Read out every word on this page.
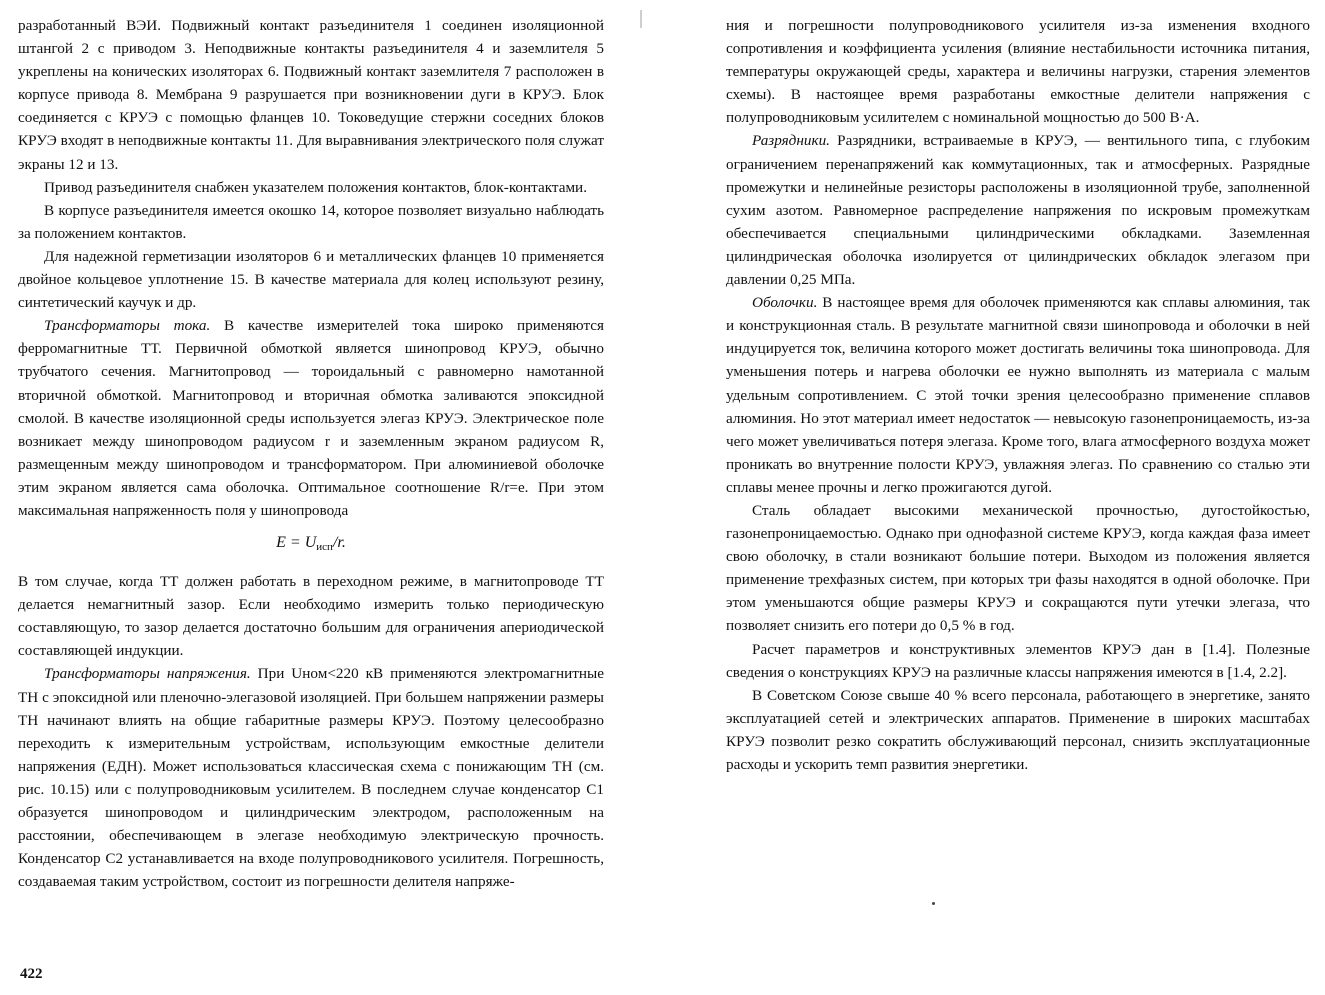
разработанный ВЭИ. Подвижный контакт разъединителя 1 соединен изоляционной штангой 2 с приводом 3. Неподвижные контакты разъединителя 4 и заземлителя 5 укреплены на конических изоляторах 6. Подвижный контакт заземлителя 7 расположен в корпусе привода 8. Мембрана 9 разрушается при возникновении дуги в КРУЭ. Блок соединяется с КРУЭ с помощью фланцев 10. Токоведущие стержни соседних блоков КРУЭ входят в неподвижные контакты 11. Для выравнивания электрического поля служат экраны 12 и 13.

Привод разъединителя снабжен указателем положения контактов, блок-контактами.

В корпусе разъединителя имеется окошко 14, которое позволяет визуально наблюдать за положением контактов.

Для надежной герметизации изоляторов 6 и металлических фланцев 10 применяется двойное кольцевое уплотнение 15. В качестве материала для колец используют резину, синтетический каучук и др.

Трансформаторы тока. В качестве измерителей тока широко применяются ферромагнитные ТТ. Первичной обмоткой является шинопровод КРУЭ, обычно трубчатого сечения. Магнитопровод — тороидальный с равномерно намотанной вторичной обмоткой. Магнитопровод и вторичная обмотка заливаются эпоксидной смолой. В качестве изоляционной среды используется элегаз КРУЭ. Электрическое поле возникает между шинопроводом радиусом r и заземленным экраном радиусом R, размещенным между шинопроводом и трансформатором. При алюминиевой оболочке этим экраном является сама оболочка. Оптимальное соотношение R/r=e. При этом максимальная напряженность поля у шинопровода

$E = U_{исп}/r$.

В том случае, когда ТТ должен работать в переходном режиме, в магнитопроводе ТТ делается немагнитный зазор. Если необходимо измерить только периодическую составляющую, то зазор делается достаточно большим для ограничения апериодической составляющей индукции.

Трансформаторы напряжения. При Uном<220 кВ применяются электромагнитные ТН с эпоксидной или пленочно-элегазовой изоляцией. При большем напряжении размеры ТН начинают влиять на общие габаритные размеры КРУЭ. Поэтому целесообразно переходить к измерительным устройствам, использующим емкостные делители напряжения (ЕДН). Может использоваться классическая схема с понижающим ТН (см. рис. 10.15) или с полупроводниковым усилителем. В последнем случае конденсатор C1 образуется шинопроводом и цилиндрическим электродом, расположенным на расстоянии, обеспечивающем в элегазе необходимую электрическую прочность. Конденсатор C2 устанавливается на входе полупроводникового усилителя. Погрешность, создаваемая таким устройством, состоит из погрешности делителя напряже-

422

ния и погрешности полупроводникового усилителя из-за изменения входного сопротивления и коэффициента усиления (влияние нестабильности источника питания, температуры окружающей среды, характера и величины нагрузки, старения элементов схемы). В настоящее время разработаны емкостные делители напряжения с полупроводниковым усилителем с номинальной мощностью до 500 В·А.

Разрядники. Разрядники, встраиваемые в КРУЭ, — вентильного типа, с глубоким ограничением перенапряжений как коммутационных, так и атмосферных. Разрядные промежутки и нелинейные резисторы расположены в изоляционной трубе, заполненной сухим азотом. Равномерное распределение напряжения по искровым промежуткам обеспечивается специальными цилиндрическими обкладками. Заземленная цилиндрическая оболочка изолируется от цилиндрических обкладок элегазом при давлении 0,25 МПа.

Оболочки. В настоящее время для оболочек применяются как сплавы алюминия, так и конструкционная сталь. В результате магнитной связи шинопровода и оболочки в ней индуцируется ток, величина которого может достигать величины тока шинопровода. Для уменьшения потерь и нагрева оболочки ее нужно выполнять из материала с малым удельным сопротивлением. С этой точки зрения целесообразно применение сплавов алюминия. Но этот материал имеет недостаток — невысокую газонепроницаемость, из-за чего может увеличиваться потеря элегаза. Кроме того, влага атмосферного воздуха может проникать во внутренние полости КРУЭ, увлажняя элегаз. По сравнению со сталью эти сплавы менее прочны и легко прожигаются дугой.

Сталь обладает высокими механической прочностью, дугостойкостью, газонепроницаемостью. Однако при однофазной системе КРУЭ, когда каждая фаза имеет свою оболочку, в стали возникают большие потери. Выходом из положения является применение трехфазных систем, при которых три фазы находятся в одной оболочке. При этом уменьшаются общие размеры КРУЭ и сокращаются пути утечки элегаза, что позволяет снизить его потери до 0,5 % в год.

Расчет параметров и конструктивных элементов КРУЭ дан в [1.4]. Полезные сведения о конструкциях КРУЭ на различные классы напряжения имеются в [1.4, 2.2].

В Советском Союзе свыше 40 % всего персонала, работающего в энергетике, занято эксплуатацией сетей и электрических аппаратов. Применение в широких масштабах КРУЭ позволит резко сократить обслуживающий персонал, снизить эксплуатационные расходы и ускорить темп развития энергетики.
